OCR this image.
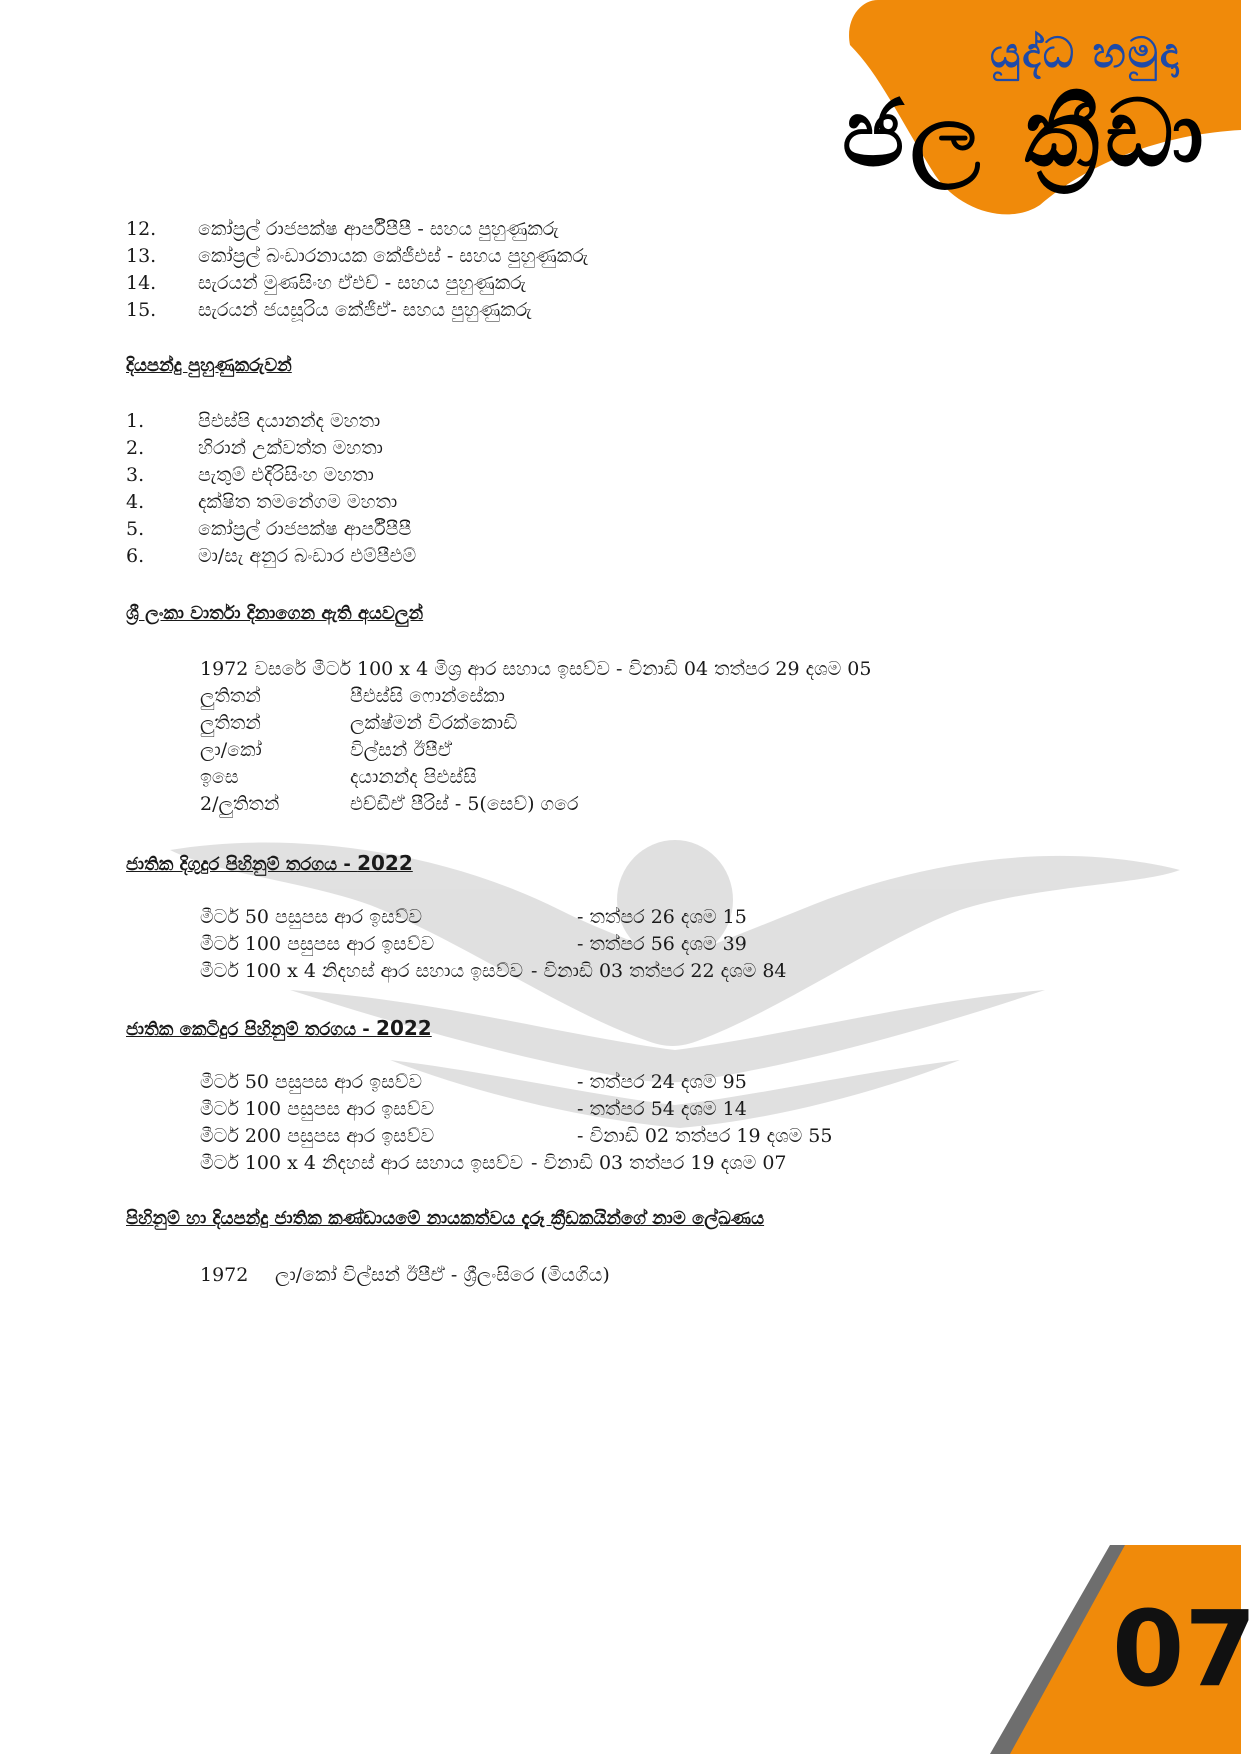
යුද්ධ හමුදා
ජල ක්‍රීඩා
12.	කෝප්‍රල් රාජපක්ෂ ආර්පීපීපී - සහය පුහුණුකරු
13.	කෝප්‍රල් බංඩාරනායක කේජීඑස් - සහය පුහුණුකරු
14.	සැරයන් මුණසිංහ ඒඑච් - සහය පුහුණුකරු
15.	සැරයන් ජයසූරිය කේජීඒ- සහය පුහුණුකරු
දියපන්දු පුහුණුකරුවන්
1.	පිඑස්පි දයානන්ද මහතා
2.	හිරාන් උක්වත්ත මහතා
3.	පැතුම් එදිරිසිංහ මහතා
4.	දක්ෂිත තමනේගම මහතා
5.	කෝප්‍රල් රාජපක්ෂ ආර්පීපීපී
6.	මා/සැ අනුර බංඩාර එම්පීඑම්
ශ්‍රී ලංකා වාර්තා දිනාගෙන ඇති අයවලුන්
1972 වසරේ මීටර් 100 x 4 මිශ්‍ර ආර සහාය ඉසව්ව - විනාඩි 04 තත්පර 29 දශම 05
ලුතිතන්	පීඑස්සි ෆොන්සේකා
ලුතිතන්	ලක්ෂ්මන් විරක්කොඩි
ලා/කෝ	විල්සන් ඊපීඒ
ඉසෙ	දයානන්ද පිඑස්සි
2/ලුතිතන්	එච්ඩීඒ පීරිස් - 5(සෙව්) ගරෙ
ජාතික දිගුදුර පිහිනුම් තරගය - 2022
මීටර් 50 පසුපස ආර ඉසව්ව	- තත්පර 26 දශම 15
මීටර් 100 පසුපස ආර ඉසව්ව	- තත්පර 56 දශම 39
මීටර් 100 x 4 නිදහස් ආර සහාය ඉසව්ව - විනාඩි 03 තත්පර 22 දශම 84
ජාතික කෙටිදුර පිහිනුම් තරගය - 2022
මීටර් 50 පසුපස ආර ඉසව්ව	- තත්පර 24 දශම 95
මීටර් 100 පසුපස ආර ඉසව්ව	- තත්පර 54 දශම 14
මීටර් 200 පසුපස ආර ඉසව්ව	- විනාඩි 02 තත්පර 19 දශම 55
මීටර් 100 x 4 නිදහස් ආර සහාය ඉසව්ව - විනාඩි 03 තත්පර 19 දශම 07
පිහිනුම් හා දියපන්දු ජාතික කණ්ඩායමේ නායකත්වය දැරූ ක්‍රීඩකයින්ගේ නාම ලේඛණය
1972	ලා/කෝ විල්සන් ඊපීඒ - ශ්‍රීලංසිරෙ (මියගිය)
07
